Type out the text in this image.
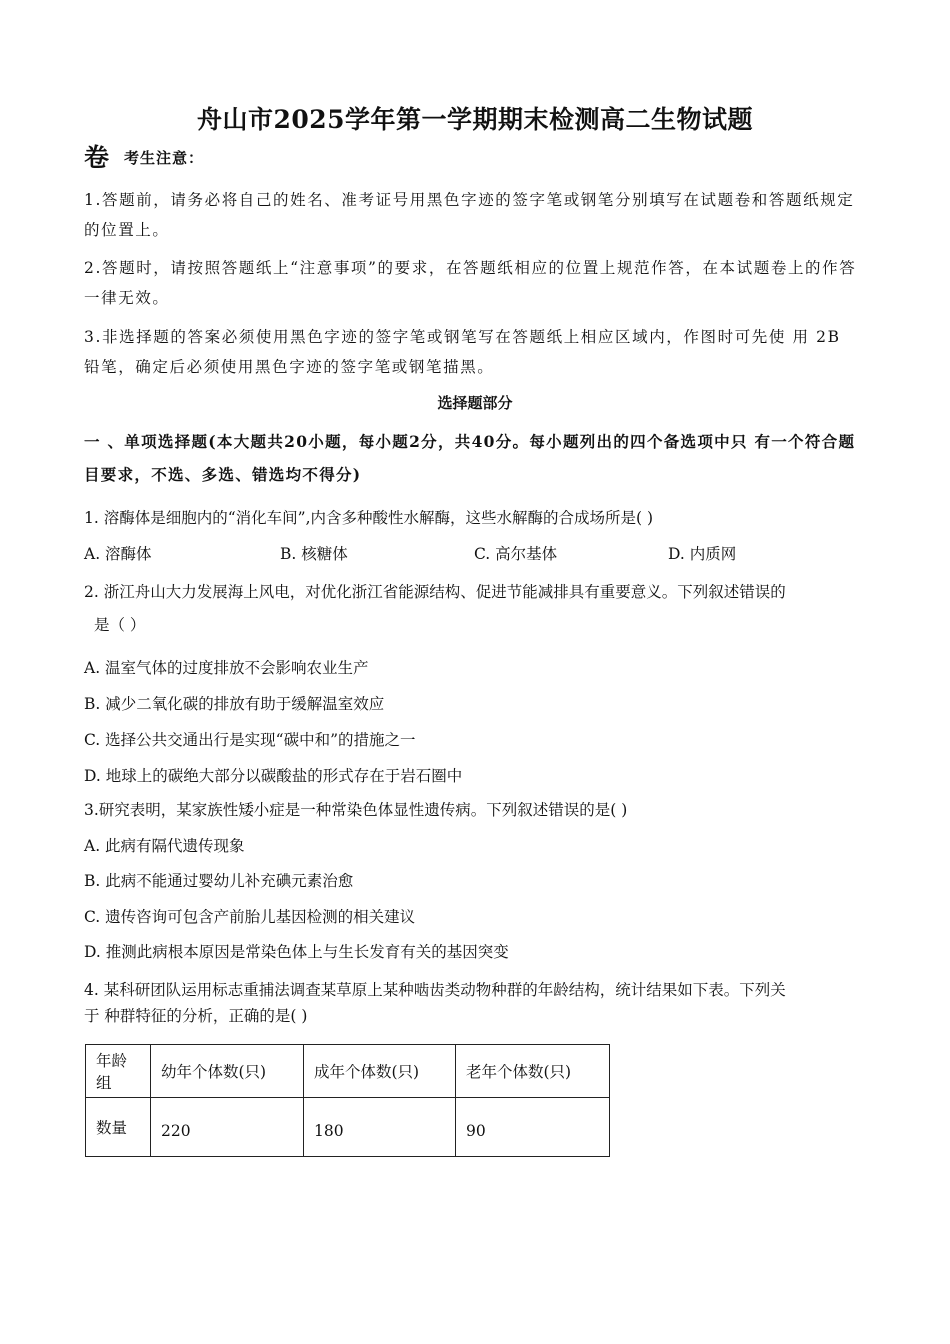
舟山市2025学年第一学期期末检测高二生物试题
卷 考生注意：
1.答题前，请务必将自己的姓名、准考证号用黑色字迹的签字笔或钢笔分别填写在试题卷和答题纸规定的位置上。
2.答题时，请按照答题纸上“注意事项”的要求，在答题纸相应的位置上规范作答，在本试题卷上的作答一律无效。
3.非选择题的答案必须使用黑色字迹的签字笔或钢笔写在答题纸上相应区域内，作图时可先使 用 2B 铅笔，确定后必须使用黑色字迹的签字笔或钢笔描黑。
选择题部分
一 、单项选择题(本大题共20小题，每小题2分，共40分。每小题列出的四个备选项中只 有一个符合题目要求，不选、多选、错选均不得分)
1. 溶酶体是细胞内的“消化车间”,内含多种酸性水解酶，这些水解酶的合成场所是( )
A. 溶酶体	B. 核糖体	C. 高尔基体	D. 内质网
2. 浙江舟山大力发展海上风电，对优化浙江省能源结构、促进节能减排具有重要意义。下列叙述错误的
是（ ）
A. 温室气体的过度排放不会影响农业生产
B. 减少二氧化碳的排放有助于缓解温室效应
C. 选择公共交通出行是实现“碳中和”的措施之一
D. 地球上的碳绝大部分以碳酸盐的形式存在于岩石圈中
3.研究表明，某家族性矮小症是一种常染色体显性遗传病。下列叙述错误的是( )
A. 此病有隔代遗传现象
B. 此病不能通过婴幼儿补充碘元素治愈
C. 遗传咨询可包含产前胎儿基因检测的相关建议
D. 推测此病根本原因是常染色体上与生长发育有关的基因突变
4. 某科研团队运用标志重捕法调查某草原上某种啮齿类动物种群的年龄结构，统计结果如下表。下列关
于 种群特征的分析，正确的是( )
年龄组	幼年个体数(只)	成年个体数(只)	老年个体数(只)
数量	220	180	90
